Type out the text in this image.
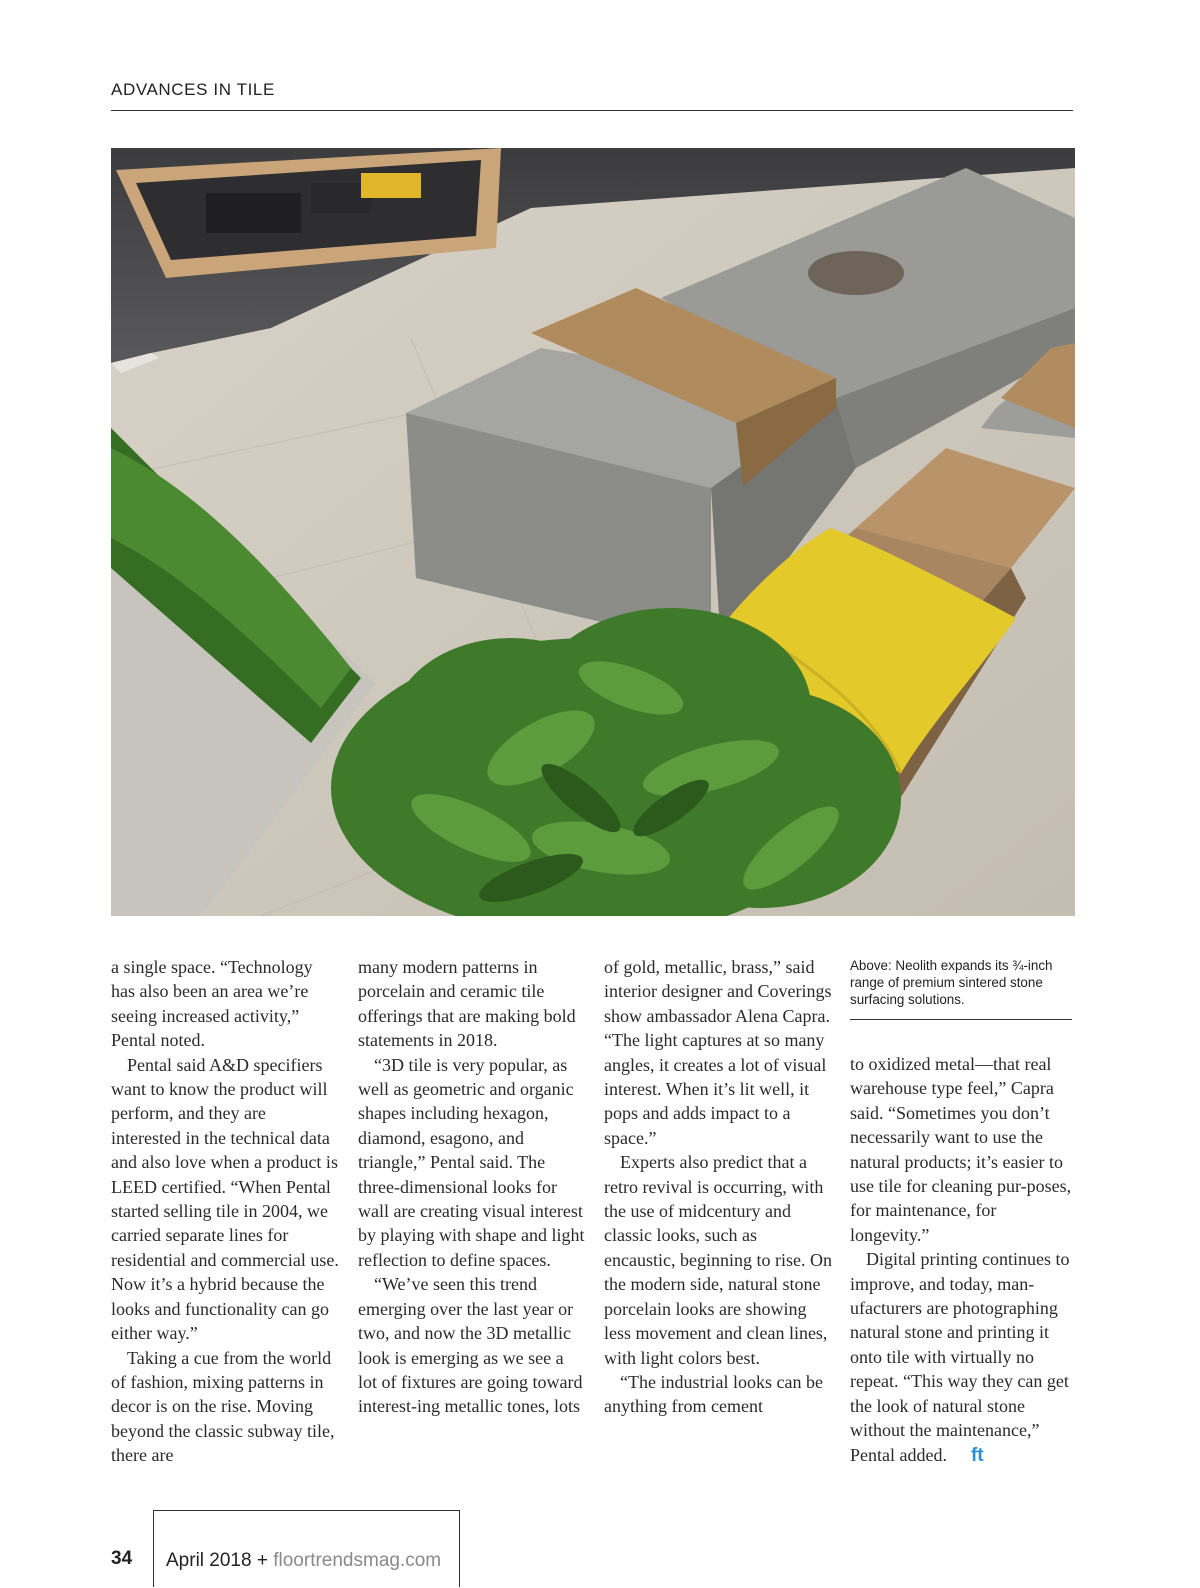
ADVANCES IN TILE

a single space. “Technology has also been an area we’re seeing increased activity,” Pental noted.

Pental said A&D specifiers want to know the product will perform, and they are interested in the technical data and also love when a product is LEED certified. “When Pental started selling tile in 2004, we carried separate lines for residential and commercial use. Now it’s a hybrid because the looks and functionality can go either way.”

Taking a cue from the world of fashion, mixing patterns in decor is on the rise. Moving beyond the classic subway tile, there are

many modern patterns in porcelain and ceramic tile offerings that are making bold statements in 2018.

“3D tile is very popular, as well as geometric and organic shapes including hexagon, diamond, esagono, and triangle,” Pental said. The three-dimensional looks for wall are creating visual interest by playing with shape and light reflection to define spaces.

“We’ve seen this trend emerging over the last year or two, and now the 3D metallic look is emerging as we see a lot of fixtures are going toward interest-ing metallic tones, lots

of gold, metallic, brass,” said interior designer and Coverings show ambassador Alena Capra. “The light captures at so many angles, it creates a lot of visual interest. When it’s lit well, it pops and adds impact to a space.”

Experts also predict that a retro revival is occurring, with the use of midcentury and classic looks, such as encaustic, beginning to rise. On the modern side, natural stone porcelain looks are showing less movement and clean lines, with light colors best.

“The industrial looks can be anything from cement

Above: Neolith expands its ¾-inch range of premium sintered stone surfacing solutions.

to oxidized metal—that real warehouse type feel,” Capra said. “Sometimes you don’t necessarily want to use the natural products; it’s easier to use tile for cleaning pur-poses, for maintenance, for longevity.”

Digital printing continues to improve, and today, man-ufacturers are photographing natural stone and printing it onto tile with virtually no repeat. “This way they can get the look of natural stone without the maintenance,” Pental added. ft

34 April 2018 + floortrendsmag.com
